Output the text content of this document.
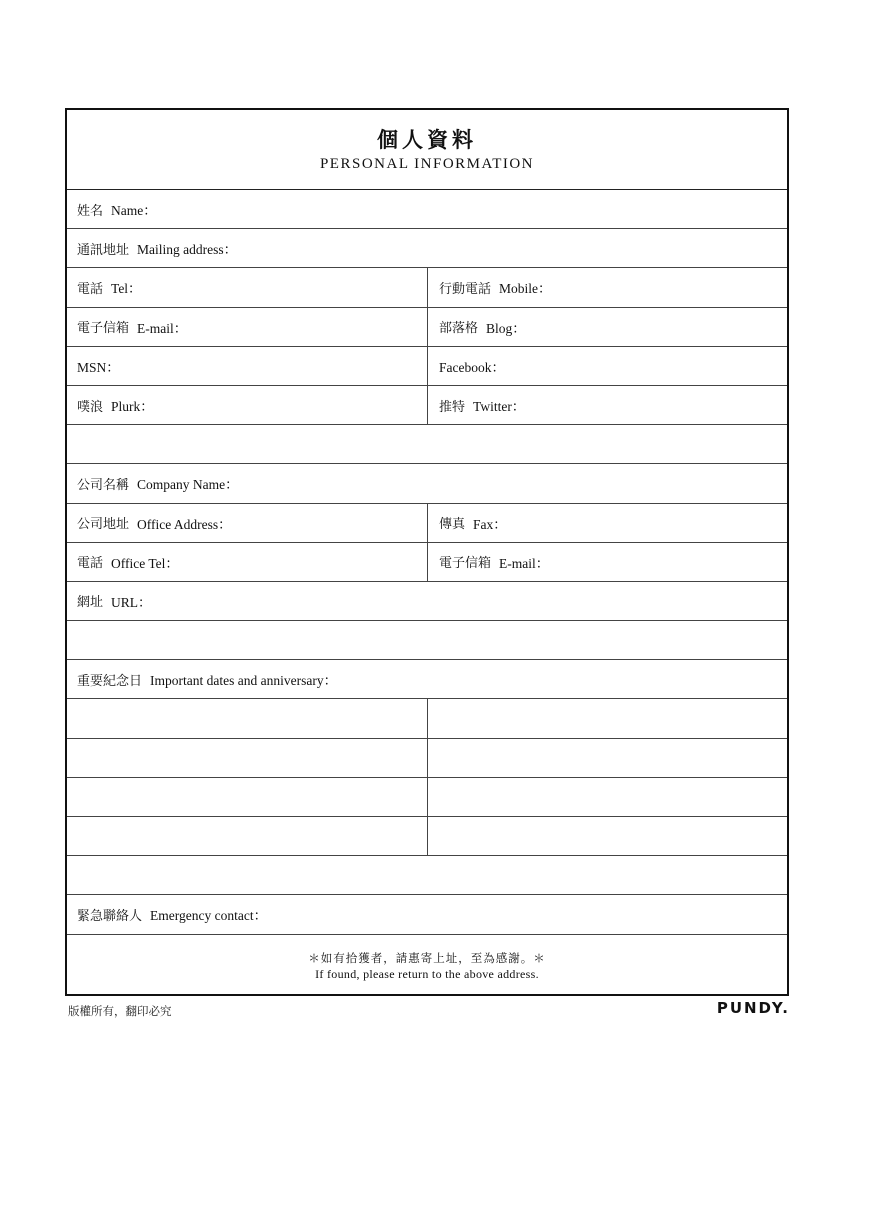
個人資料
PERSONAL INFORMATION
姓名 Name：
通訊地址 Mailing address：
電話 Tel：	行動電話 Mobile：
電子信箱 E-mail：	部落格 Blog：
MSN：	Facebook：
噗浪 Plurk：	推特 Twitter：
公司名稱 Company Name：
公司地址 Office Address：	傳真 Fax：
電話 Office Tel：	電子信箱 E-mail：
網址 URL：
重要紀念日 Important dates and anniversary：
緊急聯絡人 Emergency contact：
＊如有拾獲者，請惠寄上址，至為感謝。＊
If found, please return to the above address.
版權所有，翻印必究	PUNDY.
